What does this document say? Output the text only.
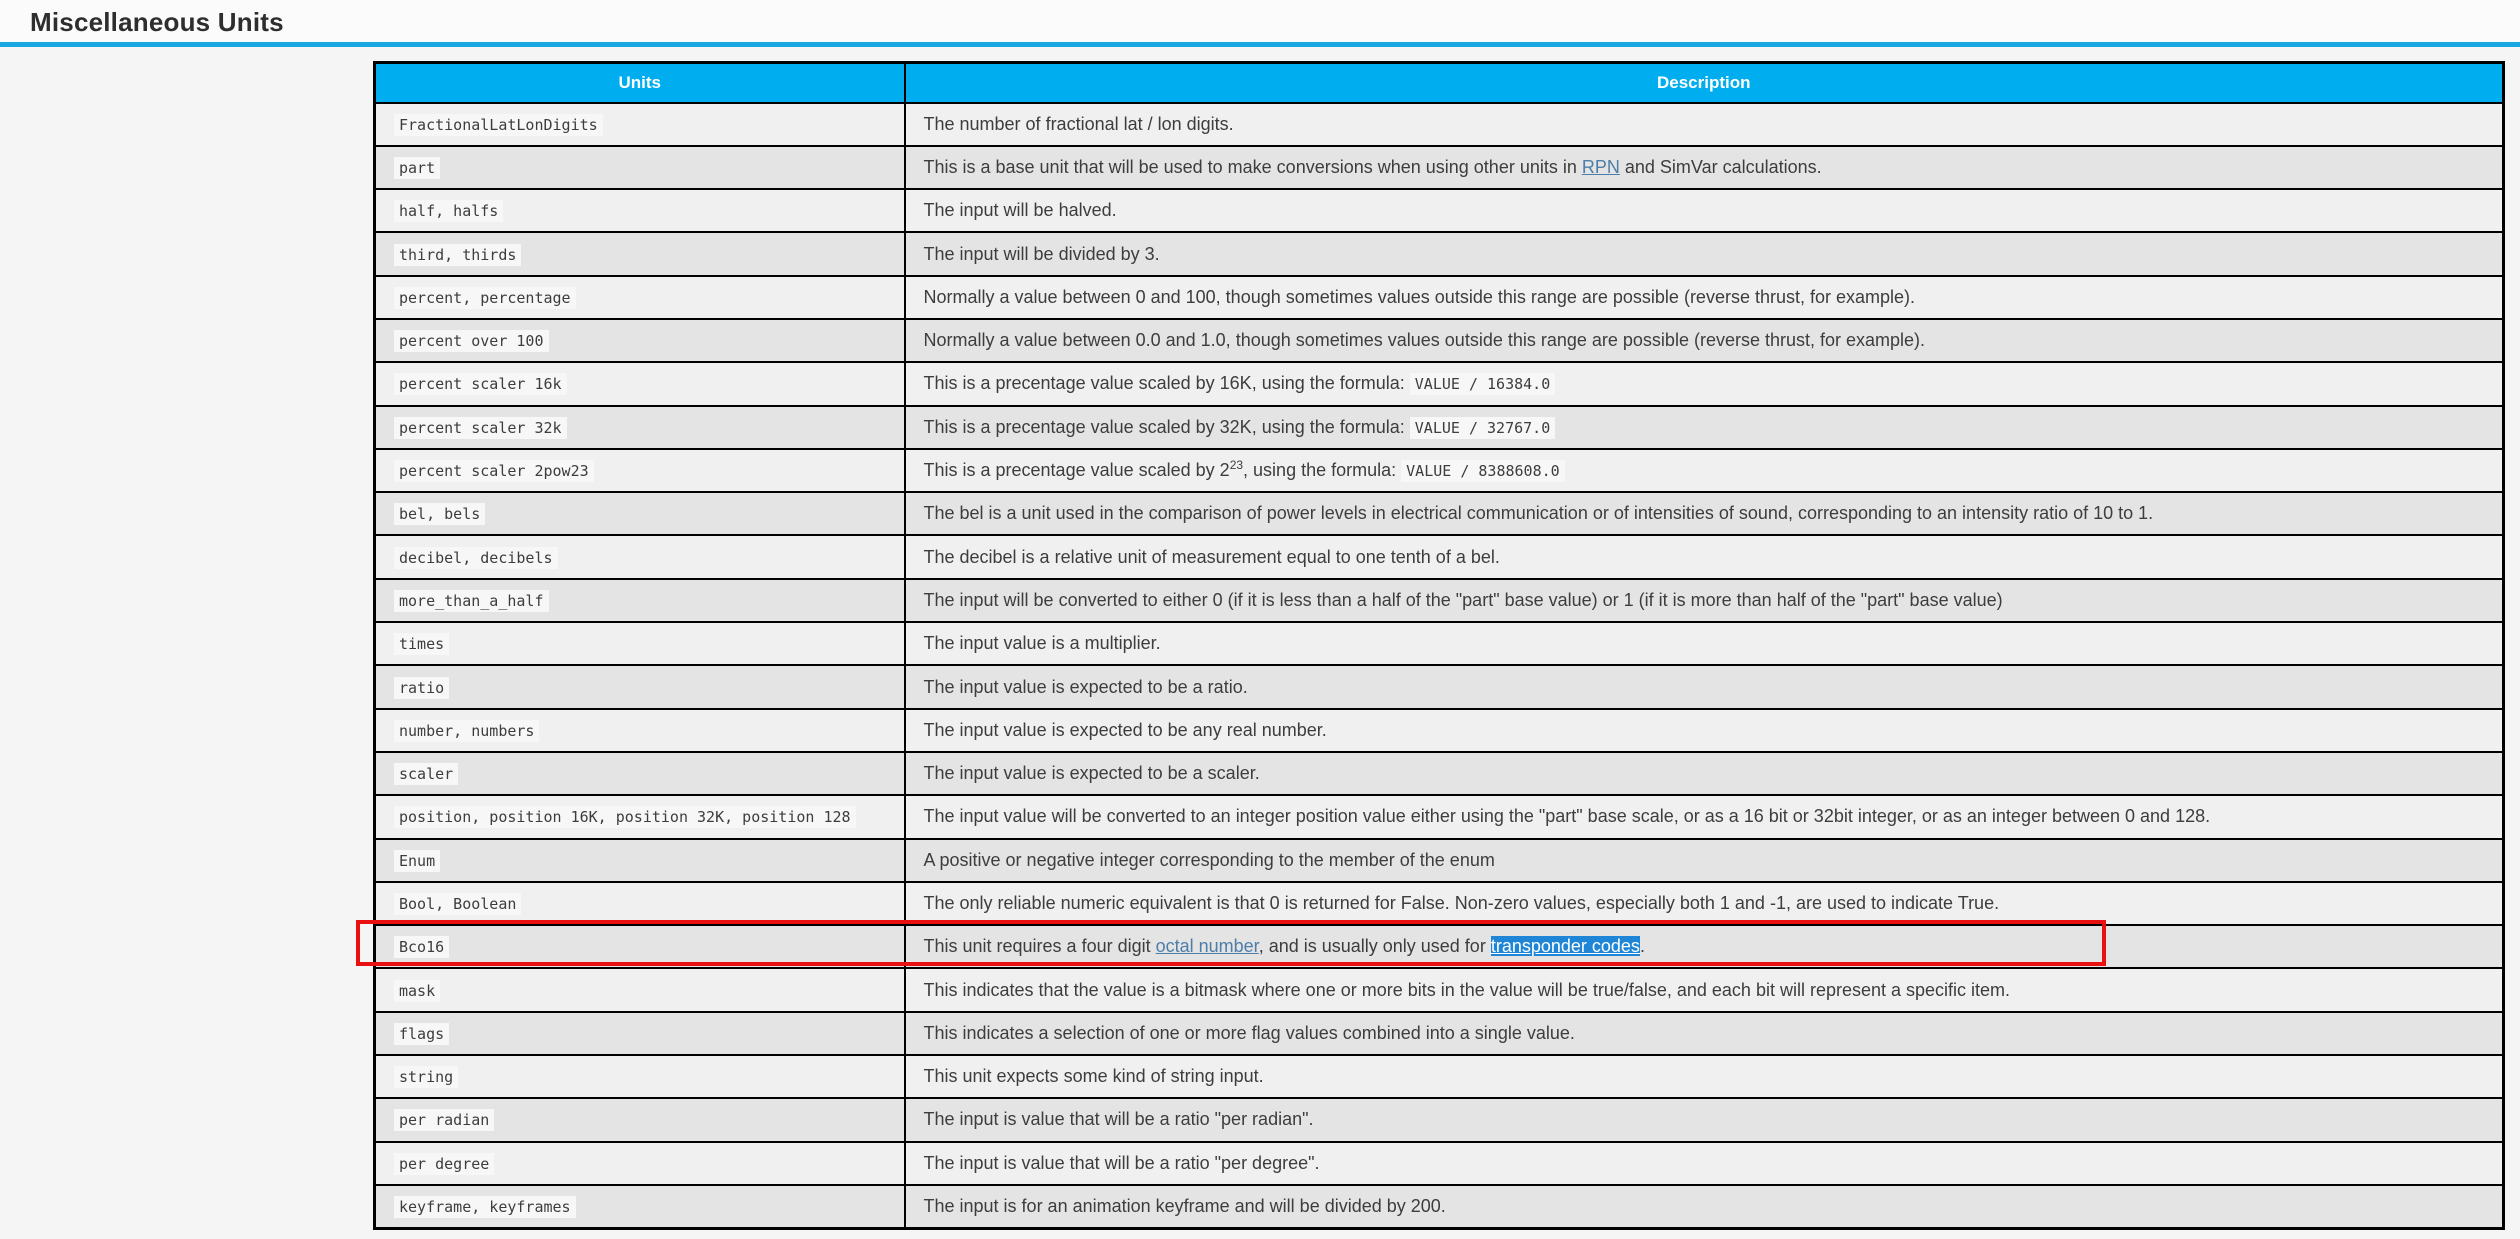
Miscellaneous Units
Units	Description
FractionalLatLonDigits	The number of fractional lat / lon digits.
part	This is a base unit that will be used to make conversions when using other units in RPN and SimVar calculations.
half, halfs	The input will be halved.
third, thirds	The input will be divided by 3.
percent, percentage	Normally a value between 0 and 100, though sometimes values outside this range are possible (reverse thrust, for example).
percent over 100	Normally a value between 0.0 and 1.0, though sometimes values outside this range are possible (reverse thrust, for example).
percent scaler 16k	This is a precentage value scaled by 16K, using the formula: VALUE / 16384.0
percent scaler 32k	This is a precentage value scaled by 32K, using the formula: VALUE / 32767.0
percent scaler 2pow23	This is a precentage value scaled by $2^{23}$, using the formula: VALUE / 8388608.0
bel, bels	The bel is a unit used in the comparison of power levels in electrical communication or of intensities of sound, corresponding to an intensity ratio of 10 to 1.
decibel, decibels	The decibel is a relative unit of measurement equal to one tenth of a bel.
more_than_a_half	The input will be converted to either 0 (if it is less than a half of the "part" base value) or 1 (if it is more than half of the "part" base value)
times	The input value is a multiplier.
ratio	The input value is expected to be a ratio.
number, numbers	The input value is expected to be any real number.
scaler	The input value is expected to be a scaler.
position, position 16K, position 32K, position 128	The input value will be converted to an integer position value either using the "part" base scale, or as a 16 bit or 32bit integer, or as an integer between 0 and 128.
Enum	A positive or negative integer corresponding to the member of the enum
Bool, Boolean	The only reliable numeric equivalent is that 0 is returned for False. Non-zero values, especially both 1 and -1, are used to indicate True.
Bco16	This unit requires a four digit octal number, and is usually only used for transponder codes.
mask	This indicates that the value is a bitmask where one or more bits in the value will be true/false, and each bit will represent a specific item.
flags	This indicates a selection of one or more flag values combined into a single value.
string	This unit expects some kind of string input.
per radian	The input is value that will be a ratio "per radian".
per degree	The input is value that will be a ratio "per degree".
keyframe, keyframes	The input is for an animation keyframe and will be divided by 200.
